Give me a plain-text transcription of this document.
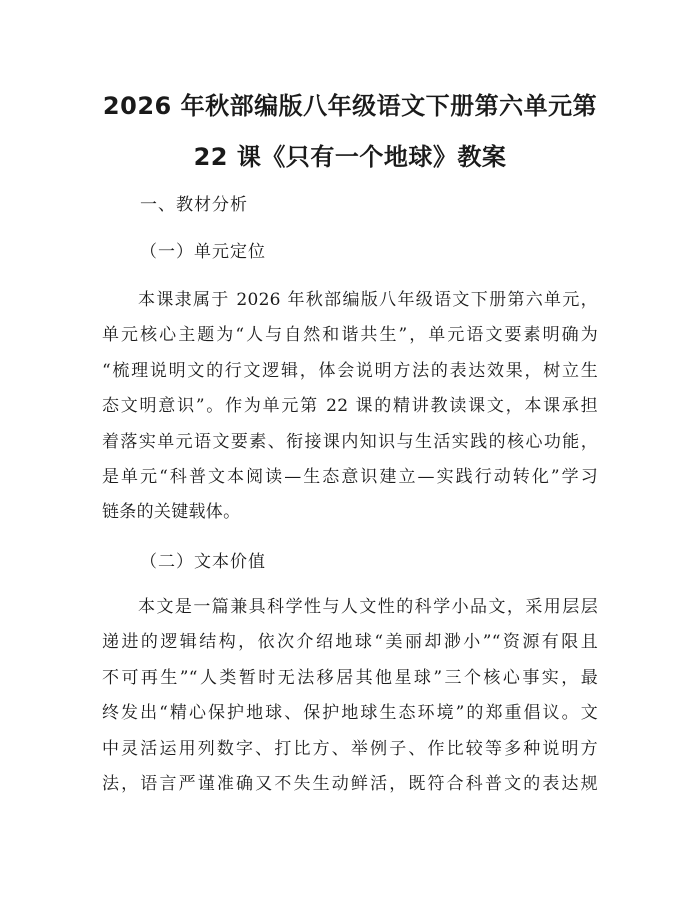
2026 年秋部编版八年级语文下册第六单元第
22 课《只有一个地球》教案

一、教材分析

（一）单元定位

本课隶属于 2026 年秋部编版八年级语文下册第六单元，
单元核心主题为“人与自然和谐共生”，单元语文要素明确为
“梳理说明文的行文逻辑，体会说明方法的表达效果，树立生
态文明意识”。作为单元第 22 课的精讲教读课文，本课承担
着落实单元语文要素、衔接课内知识与生活实践的核心功能，
是单元“科普文本阅读—生态意识建立—实践行动转化”学习
链条的关键载体。

（二）文本价值

本文是一篇兼具科学性与人文性的科学小品文，采用层层
递进的逻辑结构，依次介绍地球“美丽却渺小”“资源有限且
不可再生”“人类暂时无法移居其他星球”三个核心事实，最
终发出“精心保护地球、保护地球生态环境”的郑重倡议。文
中灵活运用列数字、打比方、举例子、作比较等多种说明方
法，语言严谨准确又不失生动鲜活，既符合科普文的表达规
